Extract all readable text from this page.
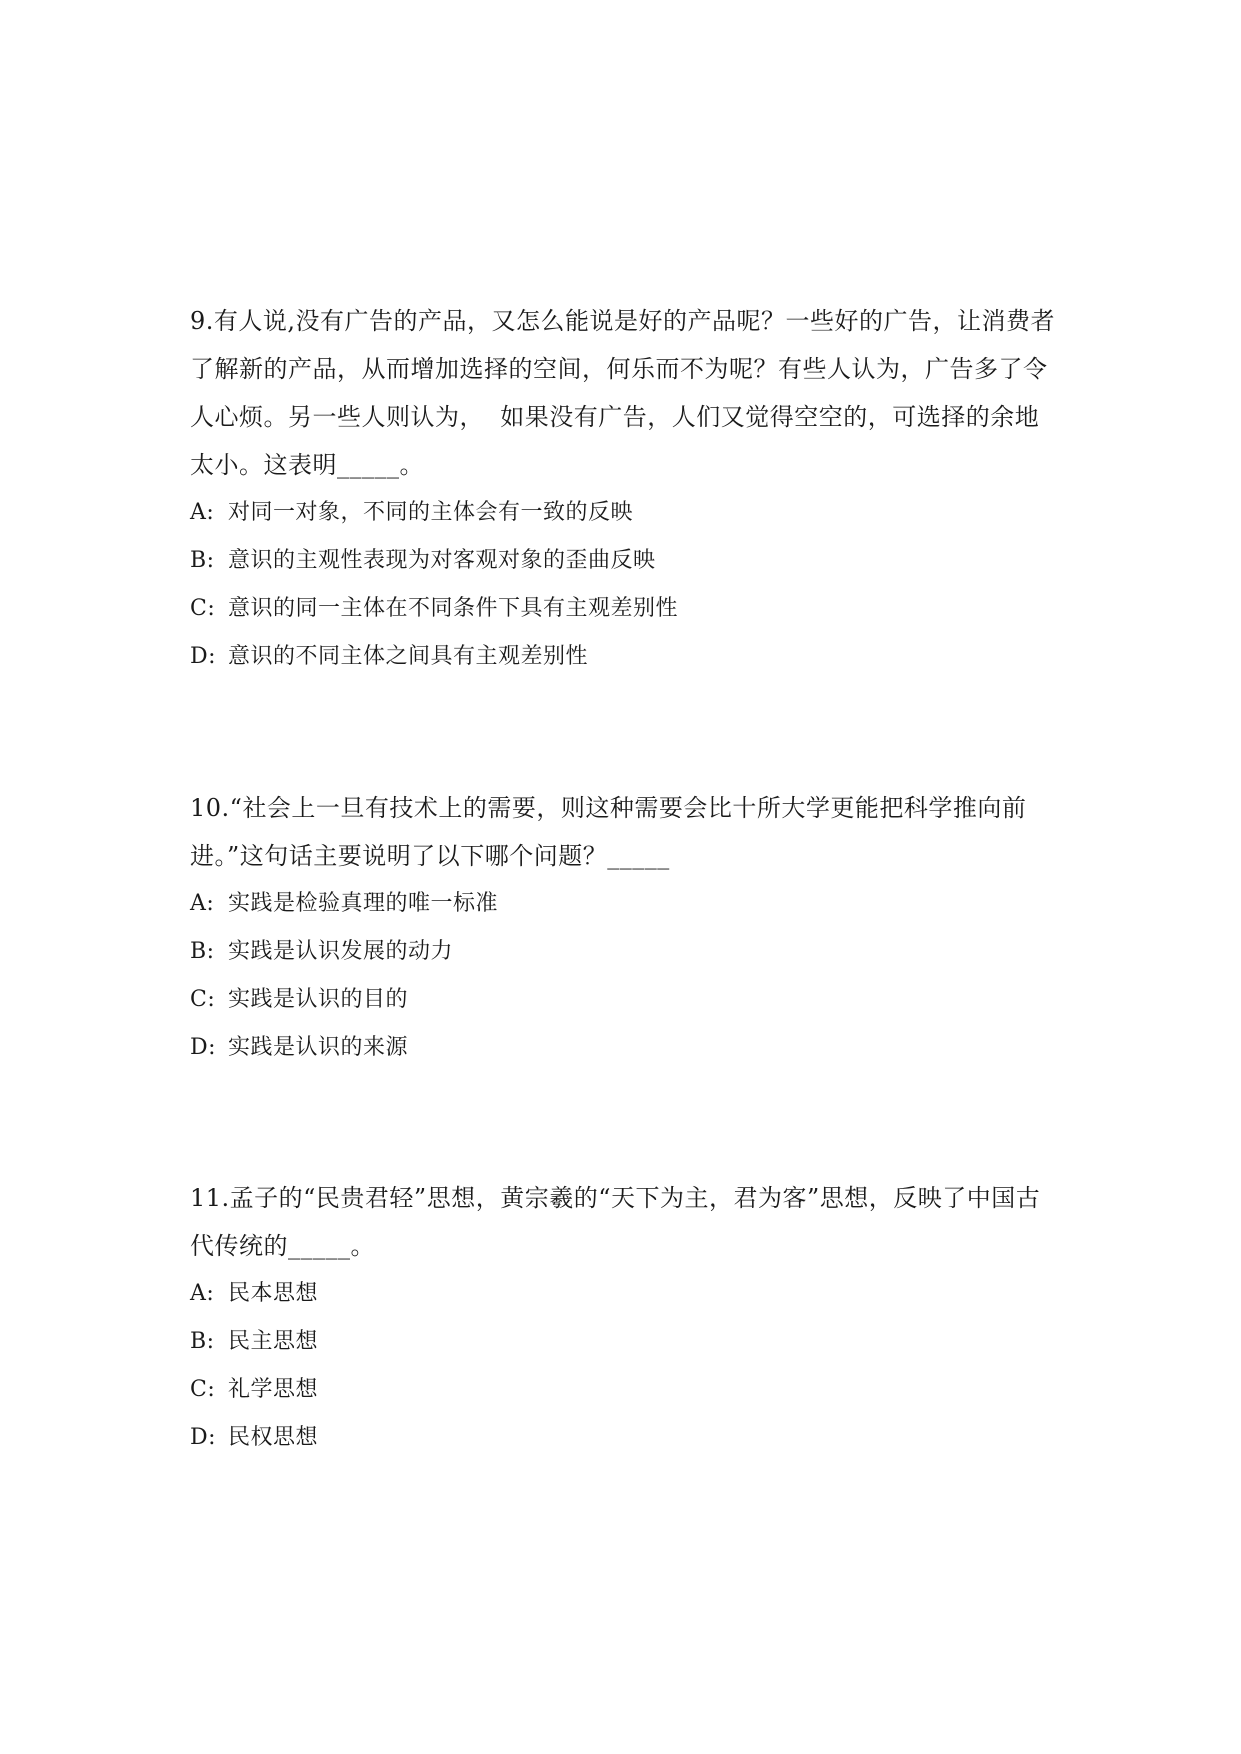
9.有人说,没有广告的产品，又怎么能说是好的产品呢？一些好的广告，让消费者了解新的产品，从而增加选择的空间，何乐而不为呢？有些人认为，广告多了令人心烦。另一些人则认为，  如果没有广告，人们又觉得空空的，可选择的余地太小。这表明_____。

A: 对同一对象，不同的主体会有一致的反映
B: 意识的主观性表现为对客观对象的歪曲反映
C: 意识的同一主体在不同条件下具有主观差别性
D: 意识的不同主体之间具有主观差别性

10.“社会上一旦有技术上的需要，则这种需要会比十所大学更能把科学推向前进。”这句话主要说明了以下哪个问题？_____

A: 实践是检验真理的唯一标准
B: 实践是认识发展的动力
C: 实践是认识的目的
D: 实践是认识的来源

11.孟子的“民贵君轻”思想，黄宗羲的“天下为主，君为客”思想，反映了中国古代传统的_____。

A: 民本思想
B: 民主思想
C: 礼学思想
D: 民权思想
